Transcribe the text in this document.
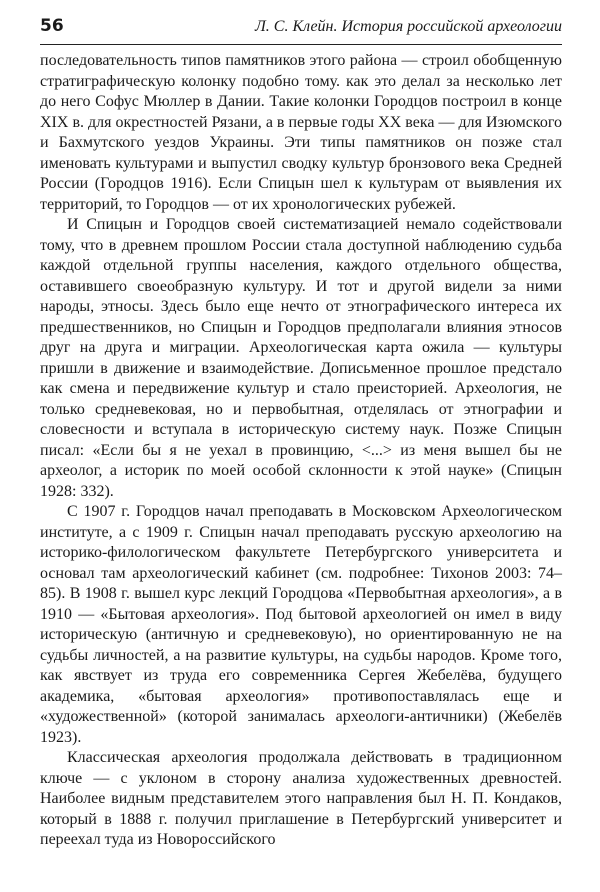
56	Л. С. Клейн. История российской археологии

последовательность типов памятников этого района — строил обобщенную стратиграфическую колонку подобно тому. как это делал за несколько лет до него Софус Мюллер в Дании. Такие колонки Городцов построил в конце XIX в. для окрестностей Рязани, а в первые годы XX века — для Изюмского и Бахмутского уездов Украины. Эти типы памятников он позже стал именовать культурами и выпустил сводку культур бронзового века Средней России (Городцов 1916). Если Спицын шел к культурам от выявления их территорий, то Городцов — от их хронологических рубежей.

И Спицын и Городцов своей систематизацией немало содействовали тому, что в древнем прошлом России стала доступной наблюдению судьба каждой отдельной группы населения, каждого отдельного общества, оставившего своеобразную культуру. И тот и другой видели за ними народы, этносы. Здесь было еще нечто от этнографического интереса их предшественников, но Спицын и Городцов предполагали влияния этносов друг на друга и миграции. Археологическая карта ожила — культуры пришли в движение и взаимодействие. Дописьменное прошлое предстало как смена и передвижение культур и стало преисторией. Археология, не только средневековая, но и первобытная, отделялась от этнографии и словесности и вступала в историческую систему наук. Позже Спицын писал: «Если бы я не уехал в провинцию, <...> из меня вышел бы не археолог, а историк по моей особой склонности к этой науке» (Спицын 1928: 332).

С 1907 г. Городцов начал преподавать в Московском Археологическом институте, а с 1909 г. Спицын начал преподавать русскую археологию на историко-филологическом факультете Петербургского университета и основал там археологический кабинет (см. подробнее: Тихонов 2003: 74–85). В 1908 г. вышел курс лекций Городцова «Первобытная археология», а в 1910 — «Бытовая археология». Под бытовой археологией он имел в виду историческую (античную и средневековую), но ориентированную не на судьбы личностей, а на развитие культуры, на судьбы народов. Кроме того, как явствует из труда его современника Сергея Жебелёва, будущего академика, «бытовая археология» противопоставлялась еще и «художественной» (которой занималась археологи-античники) (Жебелёв 1923).

Классическая археология продолжала действовать в традиционном ключе — с уклоном в сторону анализа художественных древностей. Наиболее видным представителем этого направления был Н. П. Кондаков, который в 1888 г. получил приглашение в Петербургский университет и переехал туда из Новороссийского
